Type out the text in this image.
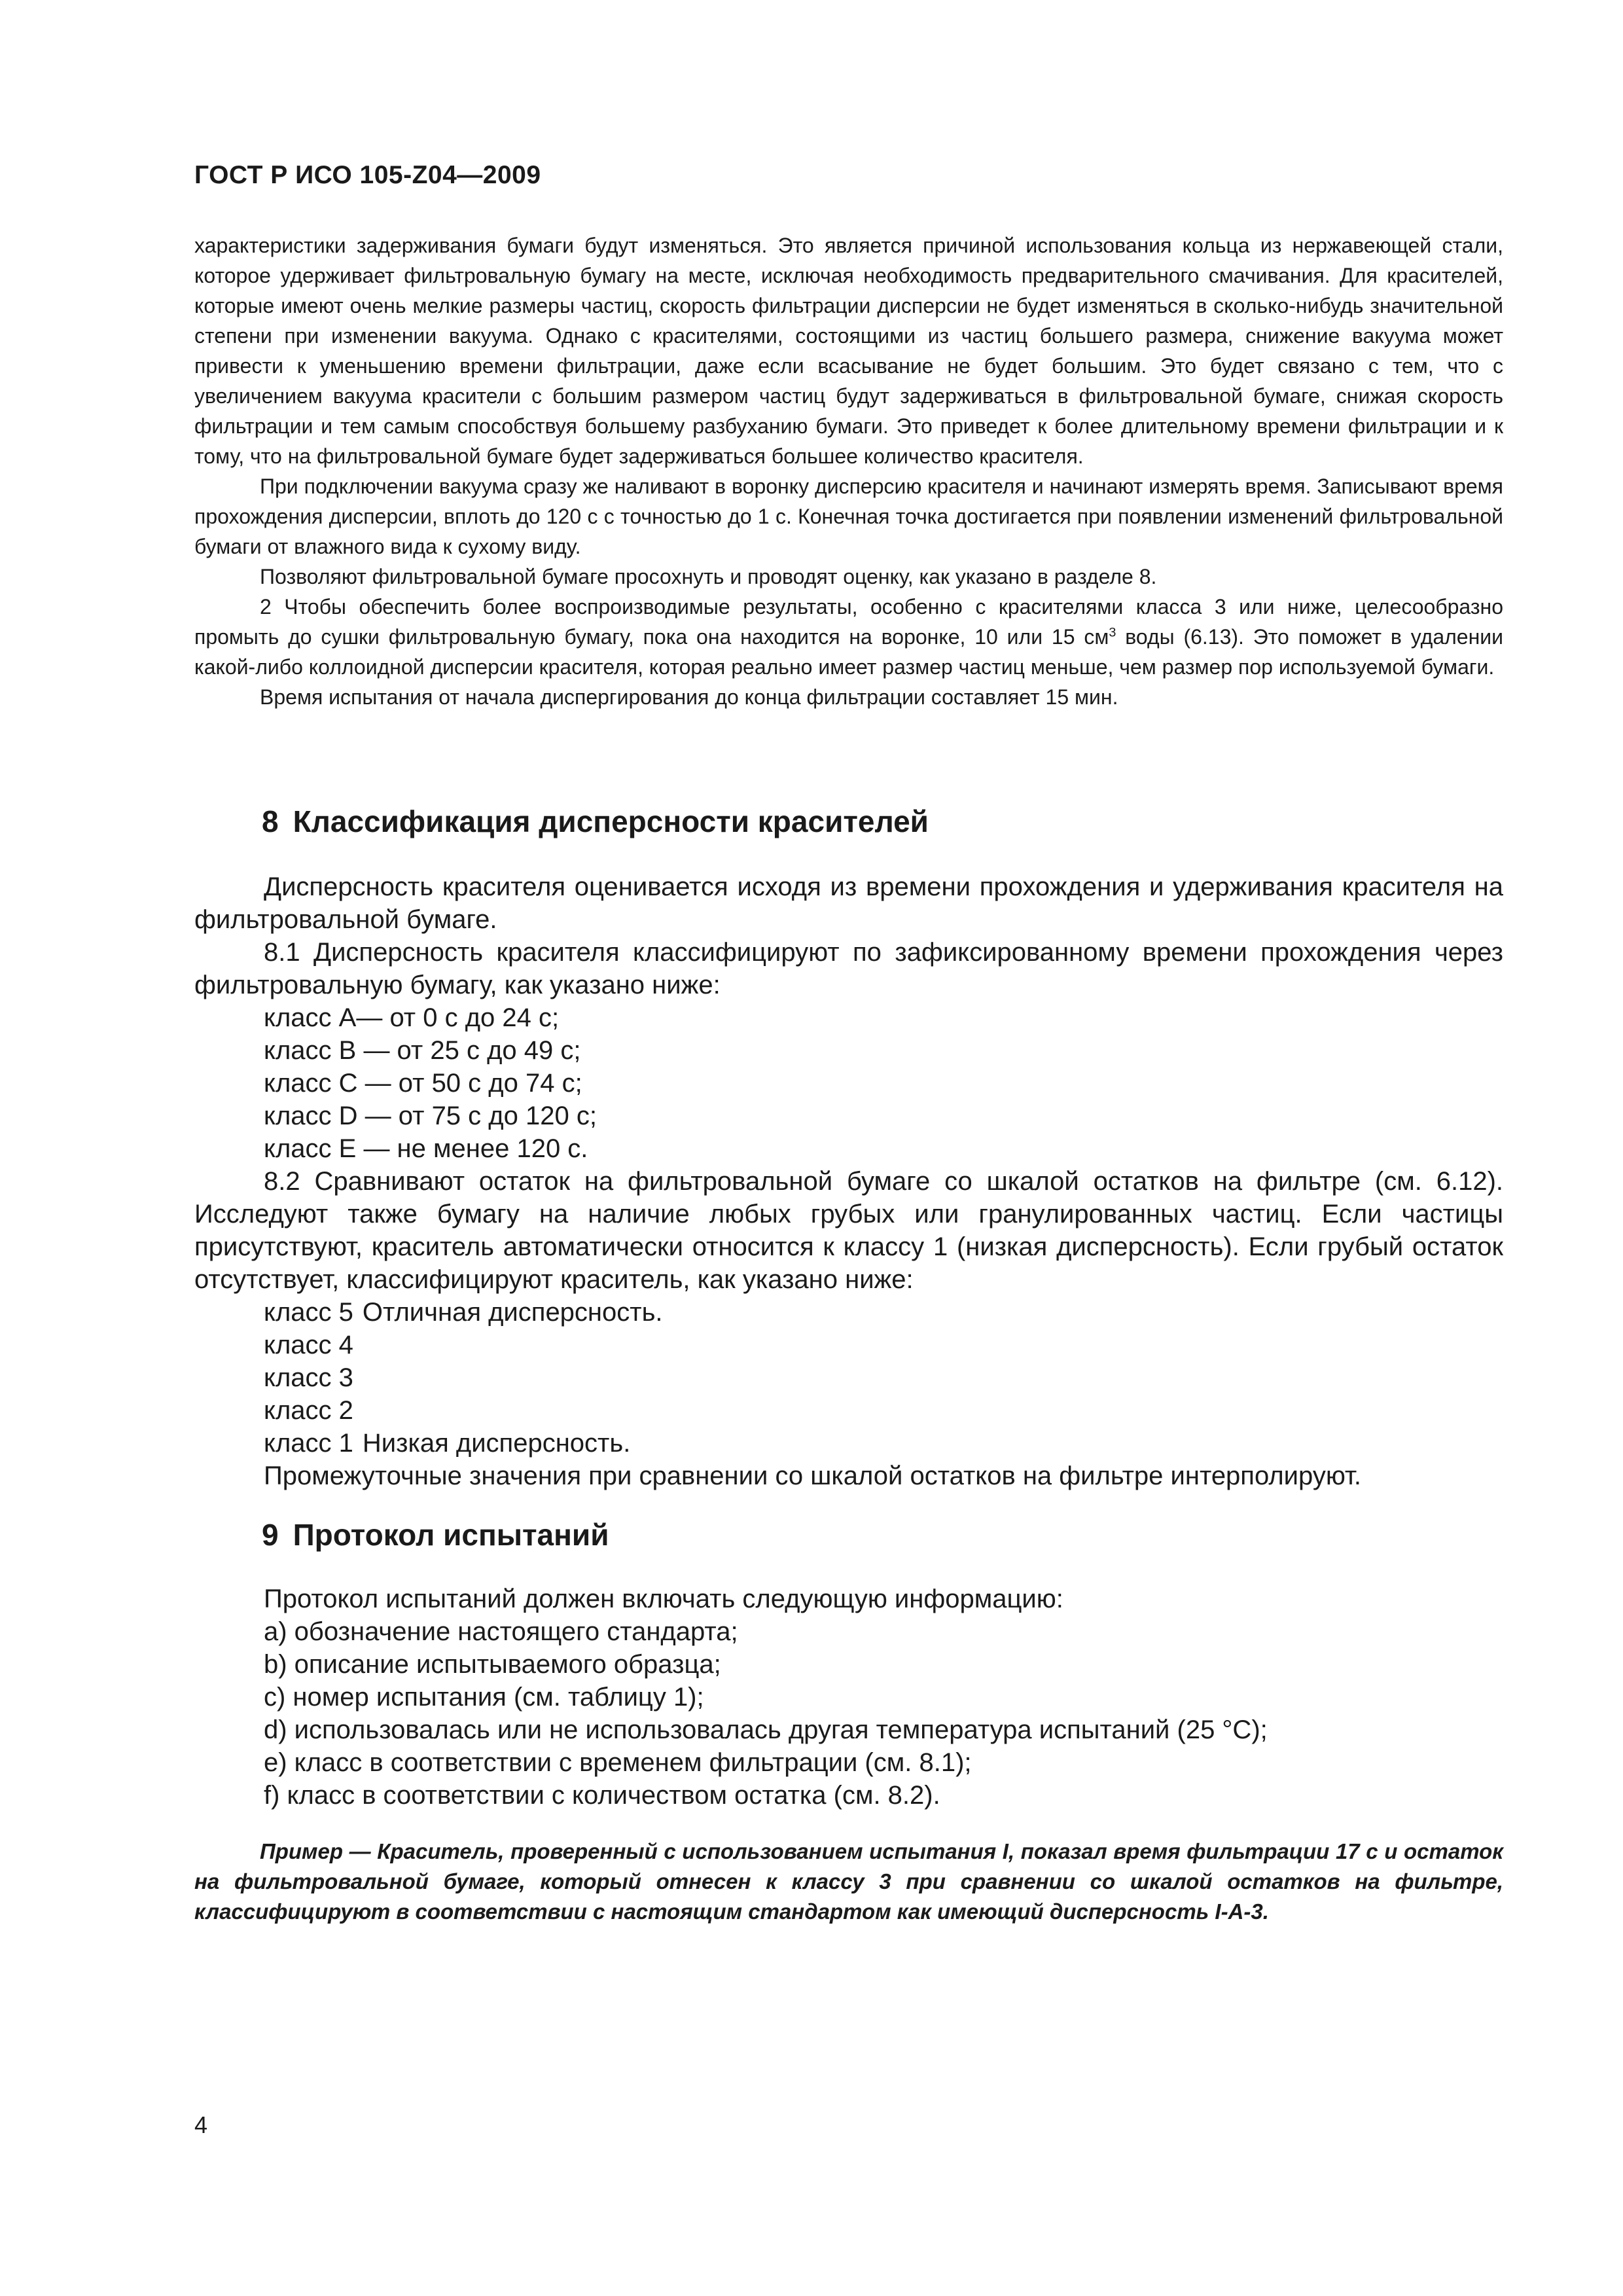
ГОСТ Р ИСО 105-Z04—2009

характеристики задерживания бумаги будут изменяться. Это является причиной использования кольца из нержавеющей стали, которое удерживает фильтровальную бумагу на месте, исключая необходимость предварительного смачивания. Для красителей, которые имеют очень мелкие размеры частиц, скорость фильтрации дисперсии не будет изменяться в сколько-нибудь значительной степени при изменении вакуума. Однако с красителями, состоящими из частиц большего размера, снижение вакуума может привести к уменьшению времени фильтрации, даже если всасывание не будет большим. Это будет связано с тем, что с увеличением вакуума красители с большим размером частиц будут задерживаться в фильтровальной бумаге, снижая скорость фильтрации и тем самым способствуя большему разбуханию бумаги. Это приведет к более длительному времени фильтрации и к тому, что на фильтровальной бумаге будет задерживаться большее количество красителя.

При подключении вакуума сразу же наливают в воронку дисперсию красителя и начинают измерять время. Записывают время прохождения дисперсии, вплоть до 120 с с точностью до 1 с. Конечная точка достигается при появлении изменений фильтровальной бумаги от влажного вида к сухому виду.

Позволяют фильтровальной бумаге просохнуть и проводят оценку, как указано в разделе 8.

2 Чтобы обеспечить более воспроизводимые результаты, особенно с красителями класса 3 или ниже, целесообразно промыть до сушки фильтровальную бумагу, пока она находится на воронке, 10 или 15 $см^3$ воды (6.13). Это поможет в удалении какой-либо коллоидной дисперсии красителя, которая реально имеет размер частиц меньше, чем размер пор используемой бумаги.

Время испытания от начала диспергирования до конца фильтрации составляет 15 мин.

8 Классификация дисперсности красителей

Дисперсность красителя оценивается исходя из времени прохождения и удерживания красителя на фильтровальной бумаге.

8.1 Дисперсность красителя классифицируют по зафиксированному времени прохождения через фильтровальную бумагу, как указано ниже:

класс А— от 0 с до 24 с;

класс В — от 25 с до 49 с;

класс С — от 50 с до 74 с;

класс D — от 75 с до 120 с;

класс Е — не менее 120 с.

8.2 Сравнивают остаток на фильтровальной бумаге со шкалой остатков на фильтре (см. 6.12). Исследуют также бумагу на наличие любых грубых или гранулированных частиц. Если частицы присутствуют, краситель автоматически относится к классу 1 (низкая дисперсность). Если грубый остаток отсутствует, классифицируют краситель, как указано ниже:

класс 5 Отличная дисперсность.

класс 4

класс 3

класс 2

класс 1 Низкая дисперсность.

Промежуточные значения при сравнении со шкалой остатков на фильтре интерполируют.

9 Протокол испытаний

Протокол испытаний должен включать следующую информацию:

а) обозначение настоящего стандарта;

b) описание испытываемого образца;

с) номер испытания (см. таблицу 1);

d) использовалась или не использовалась другая температура испытаний (25 °С);

е) класс в соответствии с временем фильтрации (см. 8.1);

f) класс в соответствии с количеством остатка (см. 8.2).

Пример — Краситель, проверенный с использованием испытания I, показал время фильтрации 17 с и остаток на фильтровальной бумаге, который отнесен к классу 3 при сравнении со шкалой остатков на фильтре, классифицируют в соответствии с настоящим стандартом как имеющий дисперсность I-A-3.
4
